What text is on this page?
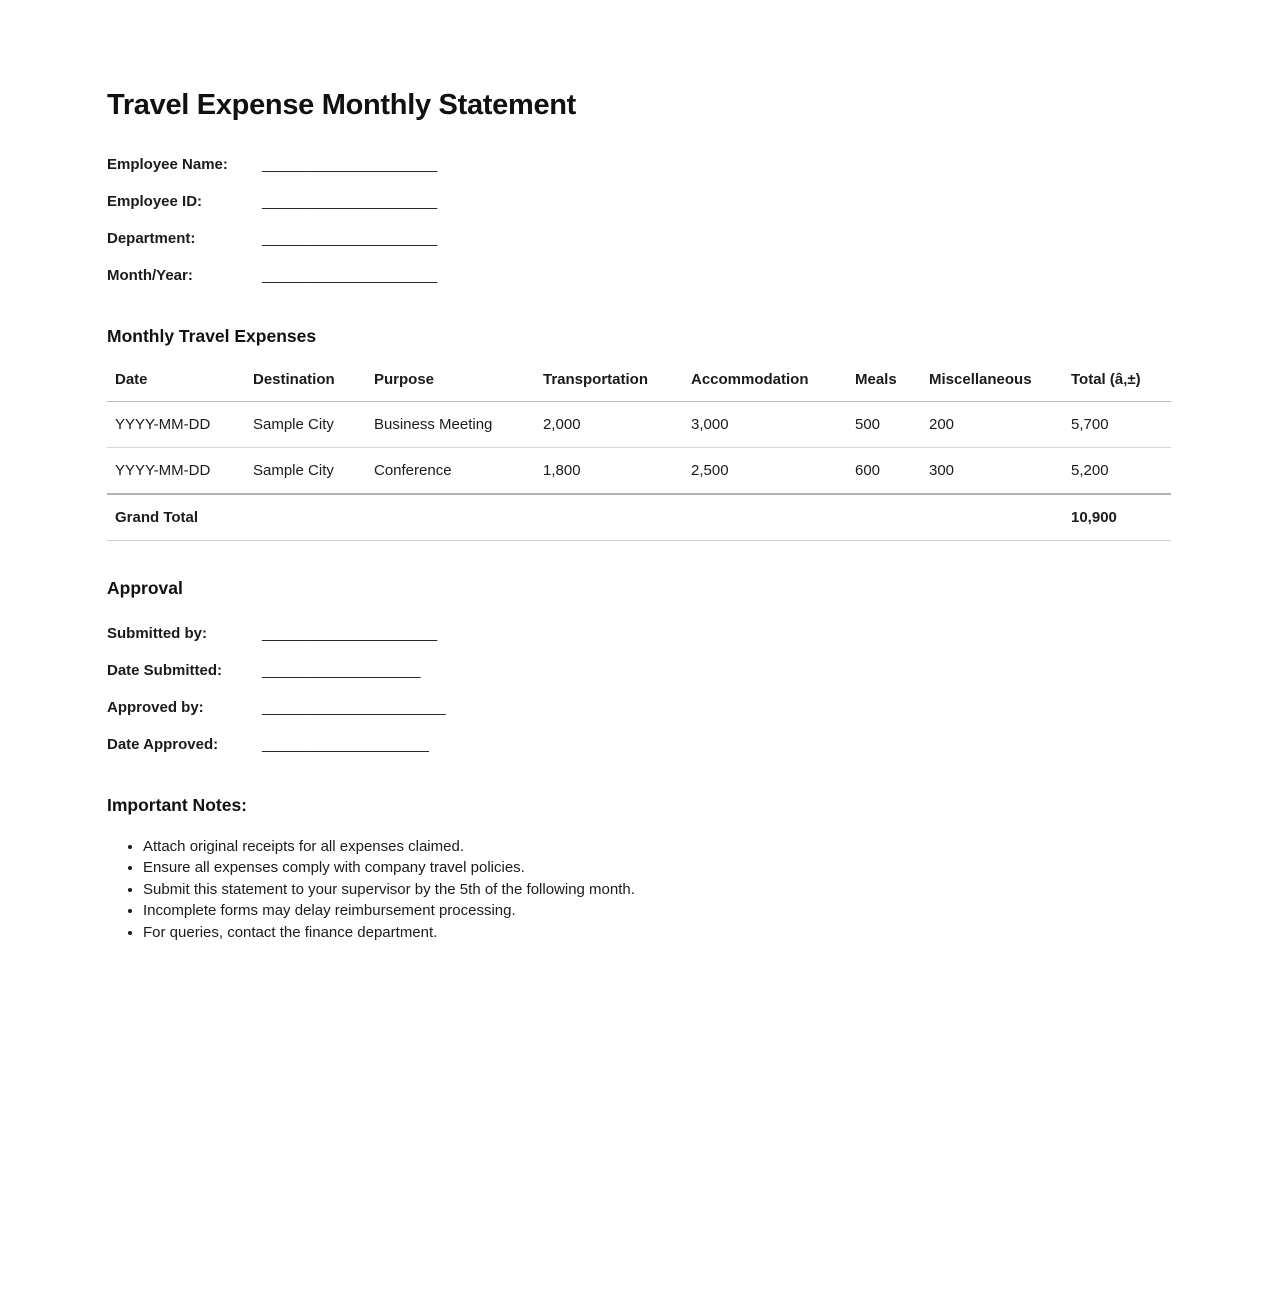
Travel Expense Monthly Statement
Employee Name:	_____________________
Employee ID:	_____________________
Department:	_____________________
Month/Year:	_____________________
Monthly Travel Expenses
Date	Destination	Purpose	Transportation	Accommodation	Meals	Miscellaneous	Total (â‚±)
YYYY-MM-DD	Sample City	Business Meeting	2,000	3,000	500	200	5,700
YYYY-MM-DD	Sample City	Conference	1,800	2,500	600	300	5,200
Grand Total							10,900
Approval
Submitted by:	_____________________
Date Submitted:	___________________
Approved by:	______________________
Date Approved:	____________________
Important Notes:
• Attach original receipts for all expenses claimed.
• Ensure all expenses comply with company travel policies.
• Submit this statement to your supervisor by the 5th of the following month.
• Incomplete forms may delay reimbursement processing.
• For queries, contact the finance department.
